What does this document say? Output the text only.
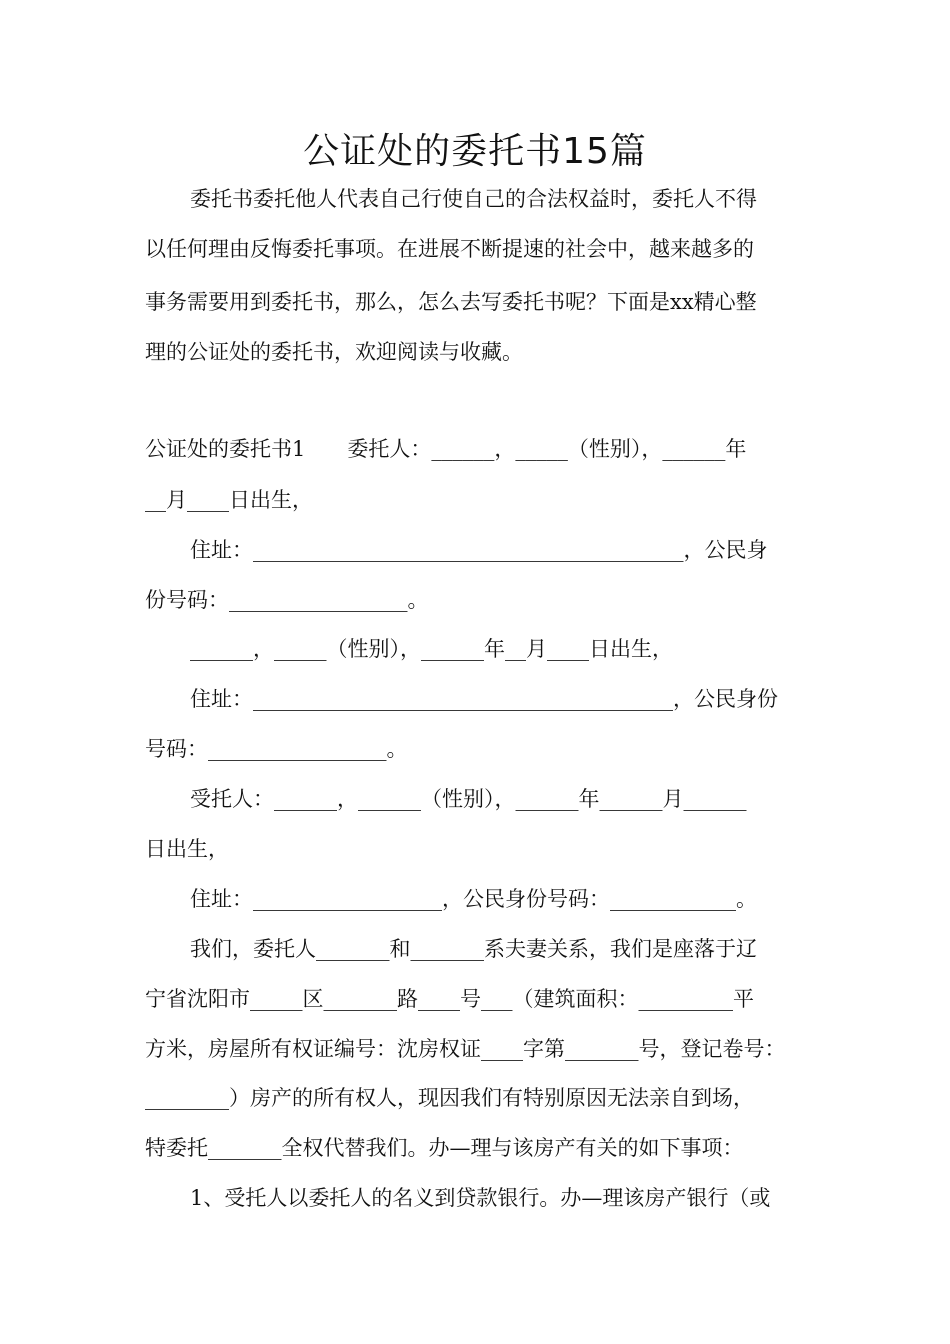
公证处的委托书15篇
委托书委托他人代表自己行使自己的合法权益时，委托人不得
以任何理由反悔委托事项。在进展不断提速的社会中，越来越多的
事务需要用到委托书，那么，怎么去写委托书呢？下面是xx精心整
理的公证处的委托书，欢迎阅读与收藏。
公证处的委托书1　　委托人：______，_____（性别），______年
__月____日出生，
住址：_________________________________________，公民身
份号码：_________________。
______，_____（性别），______年__月____日出生，
住址：________________________________________，公民身份
号码：_________________。
受托人：______，______（性别），______年______月______
日出生，
住址：__________________，公民身份号码：____________。
我们，委托人_______和_______系夫妻关系，我们是座落于辽
宁省沈阳市_____区_______路____号___（建筑面积：_________平
方米，房屋所有权证编号：沈房权证____字第_______号，登记卷号：
________）房产的所有权人，现因我们有特别原因无法亲自到场，
特委托_______全权代替我们。办—理与该房产有关的如下事项：
1、受托人以委托人的名义到贷款银行。办—理该房产银行（或
